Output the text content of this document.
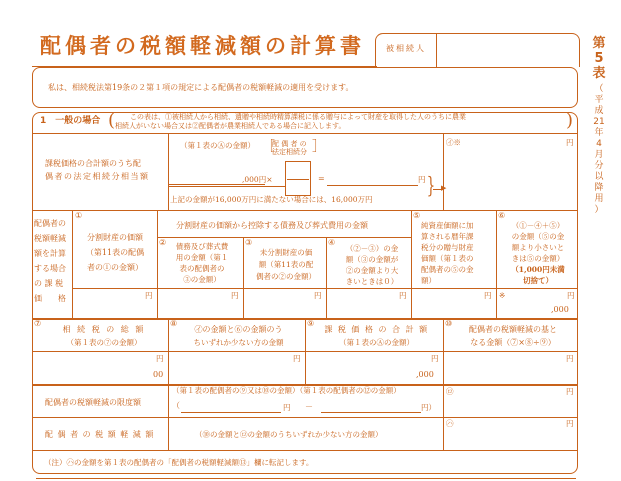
配偶者の税額軽減額の計算書	被相続人	第
5
表
（
平
成
21
年
4
月
分
以
降
用
）
私は、相続税法第19条の２第１項の規定による配偶者の税額軽減の適用を受けます。
1　一般の場合 ( この表は、①被相続人から相続、遺贈や相続時精算課税に係る贈与によって財産を取得した人のうちに農業
相続人がいない場合又は②配偶者が農業相続人である場合に記入します。	)
課税価格の合計額のうち配
偶者の法定相続分相当額
（第１表のⒶの金額） ［
配 偶 者 の
法定相続分 ］
,000円×	=	円
上記の金額が16,000万円に満たない場合には、16,000万円
} ▶
㋑※	円
配偶者の
税額軽減
額を計算
する場合
の 課 税
価　　格
分割財産の価額から控除する債務及び葬式費用の金額
①
分割財産の価額
（第11表の配偶
者の①の金額）
円
②	債務及び葬式費
用の金額（第１
表の配偶者の
③の金額）
円
③
未分割財産の価
額（第11表の配
偶者の②の金額）
円
④
（②－③）の金
額（③の金額が
②の金額より大
きいときは０）
円
⑤
純資産価額に加
算される暦年課
税分の贈与財産
価額（第１表の
配偶者の⑤の金
額）
円
⑥
（①－④＋⑤）
の金額（⑤の金
額より小さいと
きは⑤の金額）
（1,000円未満
切捨て）
※	円
,000
⑦
相 続 税 の 総 額
（第１表の⑦の金額）
円
00
⑧
㋑の金額と⑥の金額のう
ちいずれか少ない方の金額
円
⑨
課 税 価 格 の 合 計 額
（第１表のⒶの金額）
円
,000
⑩
配偶者の税額軽減の基と
なる金額（⑦×⑧÷⑨）
円
配偶者の税額軽減の限度額
（第１表の配偶者の⑨又は⑩の金額）（第１表の配偶者の⑫の金額）
（	円 －	円）
㋺	円
配 偶 者 の 税 額 軽 減 額	（⑩の金額と㋺の金額のうちいずれか少ない方の金額）
㋩	円
（注）㋩の金額を第１表の配偶者の「配偶者の税額軽減額⑬」欄に転記します。
